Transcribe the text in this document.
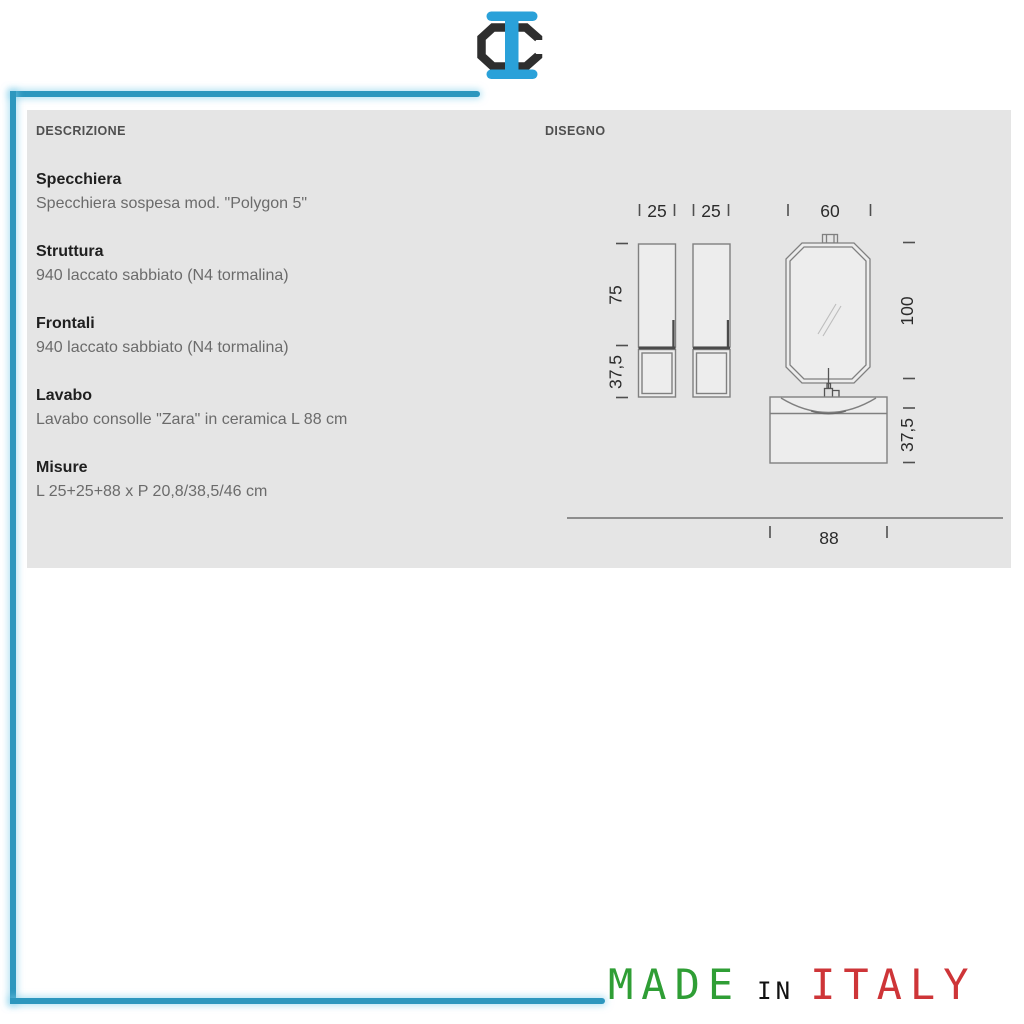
DESCRIZIONE	DISEGNO

Specchiera

Specchiera sospesa mod. "Polygon 5"

Struttura

940 laccato sabbiato (N4 tormalina)

Frontali

940 laccato sabbiato (N4 tormalina)

Lavabo

Lavabo consolle "Zara" in ceramica L 88 cm

Misure

L 25+25+88 x P 20,8/38,5/46 cm

25 25	60
75
37,5
100
37,5
88
MADE IN ITALY
